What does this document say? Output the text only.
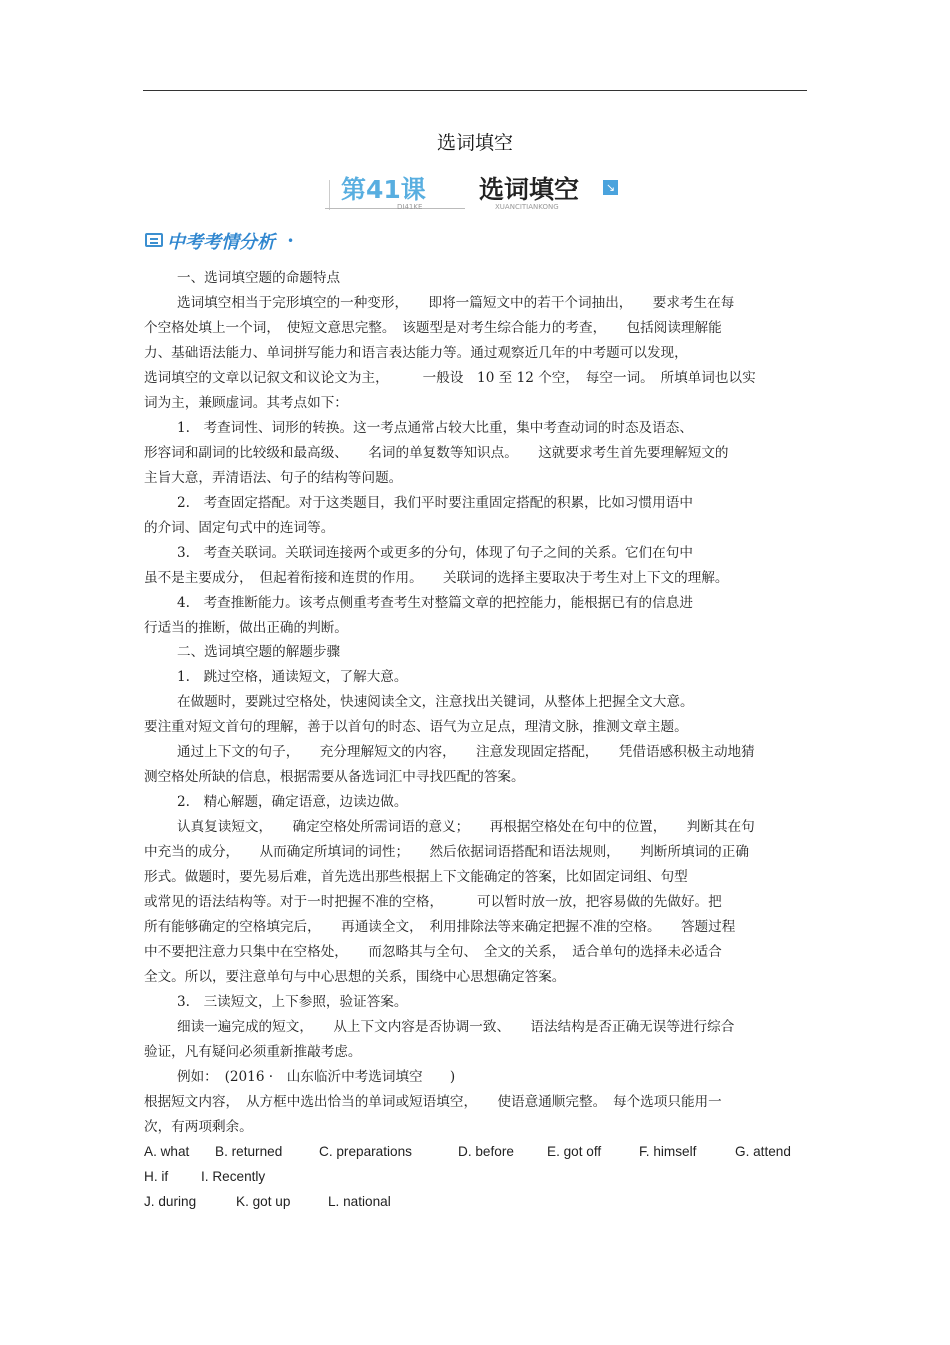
选词填空
第41课
DI41KE
选词填空
XUANCITIANKONG
↘
中考考情分析 •
一、选词填空题的命题特点
选词填空相当于完形填空的一种变形，　　即将一篇短文中的若干个词抽出，　　要求考生在每
个空格处填上一个词，　使短文意思完整。　该题型是对考生综合能力的考查，　　包括阅读理解能
力、基础语法能力、单词拼写能力和语言表达能力等。通过观察近几年的中考题可以发现，
选词填空的文章以记叙文和议论文为主，　　　一般设　10 至 12 个空，　每空一词。　所填单词也以实
词为主，兼顾虚词。其考点如下：
1.　考查词性、词形的转换。这一考点通常占较大比重，集中考查动词的时态及语态、
形容词和副词的比较级和最高级、　　名词的单复数等知识点。　　这就要求考生首先要理解短文的
主旨大意，弄清语法、句子的结构等问题。
2.　考查固定搭配。对于这类题目，我们平时要注重固定搭配的积累，比如习惯用语中
的介词、固定句式中的连词等。
3.　考查关联词。关联词连接两个或更多的分句，体现了句子之间的关系。它们在句中
虽不是主要成分，　但起着衔接和连贯的作用。　　关联词的选择主要取决于考生对上下文的理解。
4.　考查推断能力。该考点侧重考查考生对整篇文章的把控能力，能根据已有的信息进
行适当的推断，做出正确的判断。
二、选词填空题的解题步骤
1.　跳过空格，通读短文，了解大意。
在做题时，要跳过空格处，快速阅读全文，注意找出关键词，从整体上把握全文大意。
要注重对短文首句的理解，善于以首句的时态、语气为立足点，理清文脉，推测文章主题。
通过上下文的句子，　　充分理解短文的内容，　　注意发现固定搭配，　　凭借语感积极主动地猜
测空格处所缺的信息，根据需要从备选词汇中寻找匹配的答案。
2.　精心解题，确定语意，边读边做。
认真复读短文，　　确定空格处所需词语的意义；　　再根据空格处在句中的位置，　　判断其在句
中充当的成分，　　从而确定所填词的词性；　　然后依据词语搭配和语法规则，　　判断所填词的正确
形式。做题时，要先易后难，首先选出那些根据上下文能确定的答案，比如固定词组、句型
或常见的语法结构等。对于一时把握不准的空格，　　　可以暂时放一放，把容易做的先做好。把
所有能够确定的空格填完后，　　再通读全文，　利用排除法等来确定把握不准的空格。　　答题过程
中不要把注意力只集中在空格处，　　而忽略其与全句、　全文的关系，　适合单句的选择未必适合
全文。所以，要注意单句与中心思想的关系，围绕中心思想确定答案。
3.　三读短文，上下参照，验证答案。
细读一遍完成的短文，　　从上下文内容是否协调一致、　　语法结构是否正确无误等进行综合
验证，凡有疑问必须重新推敲考虑。
例如：　(2016 ·　山东临沂中考选词填空　　)
根据短文内容，　从方框中选出恰当的单词或短语填空，　　使语意通顺完整。　每个选项只能用一
次，有两项剩余。
A. what B. returned	C. preparations	D. before E. got off	F. himself	G. attend
H. if I. Recently
J. during	K. got up	L. national
